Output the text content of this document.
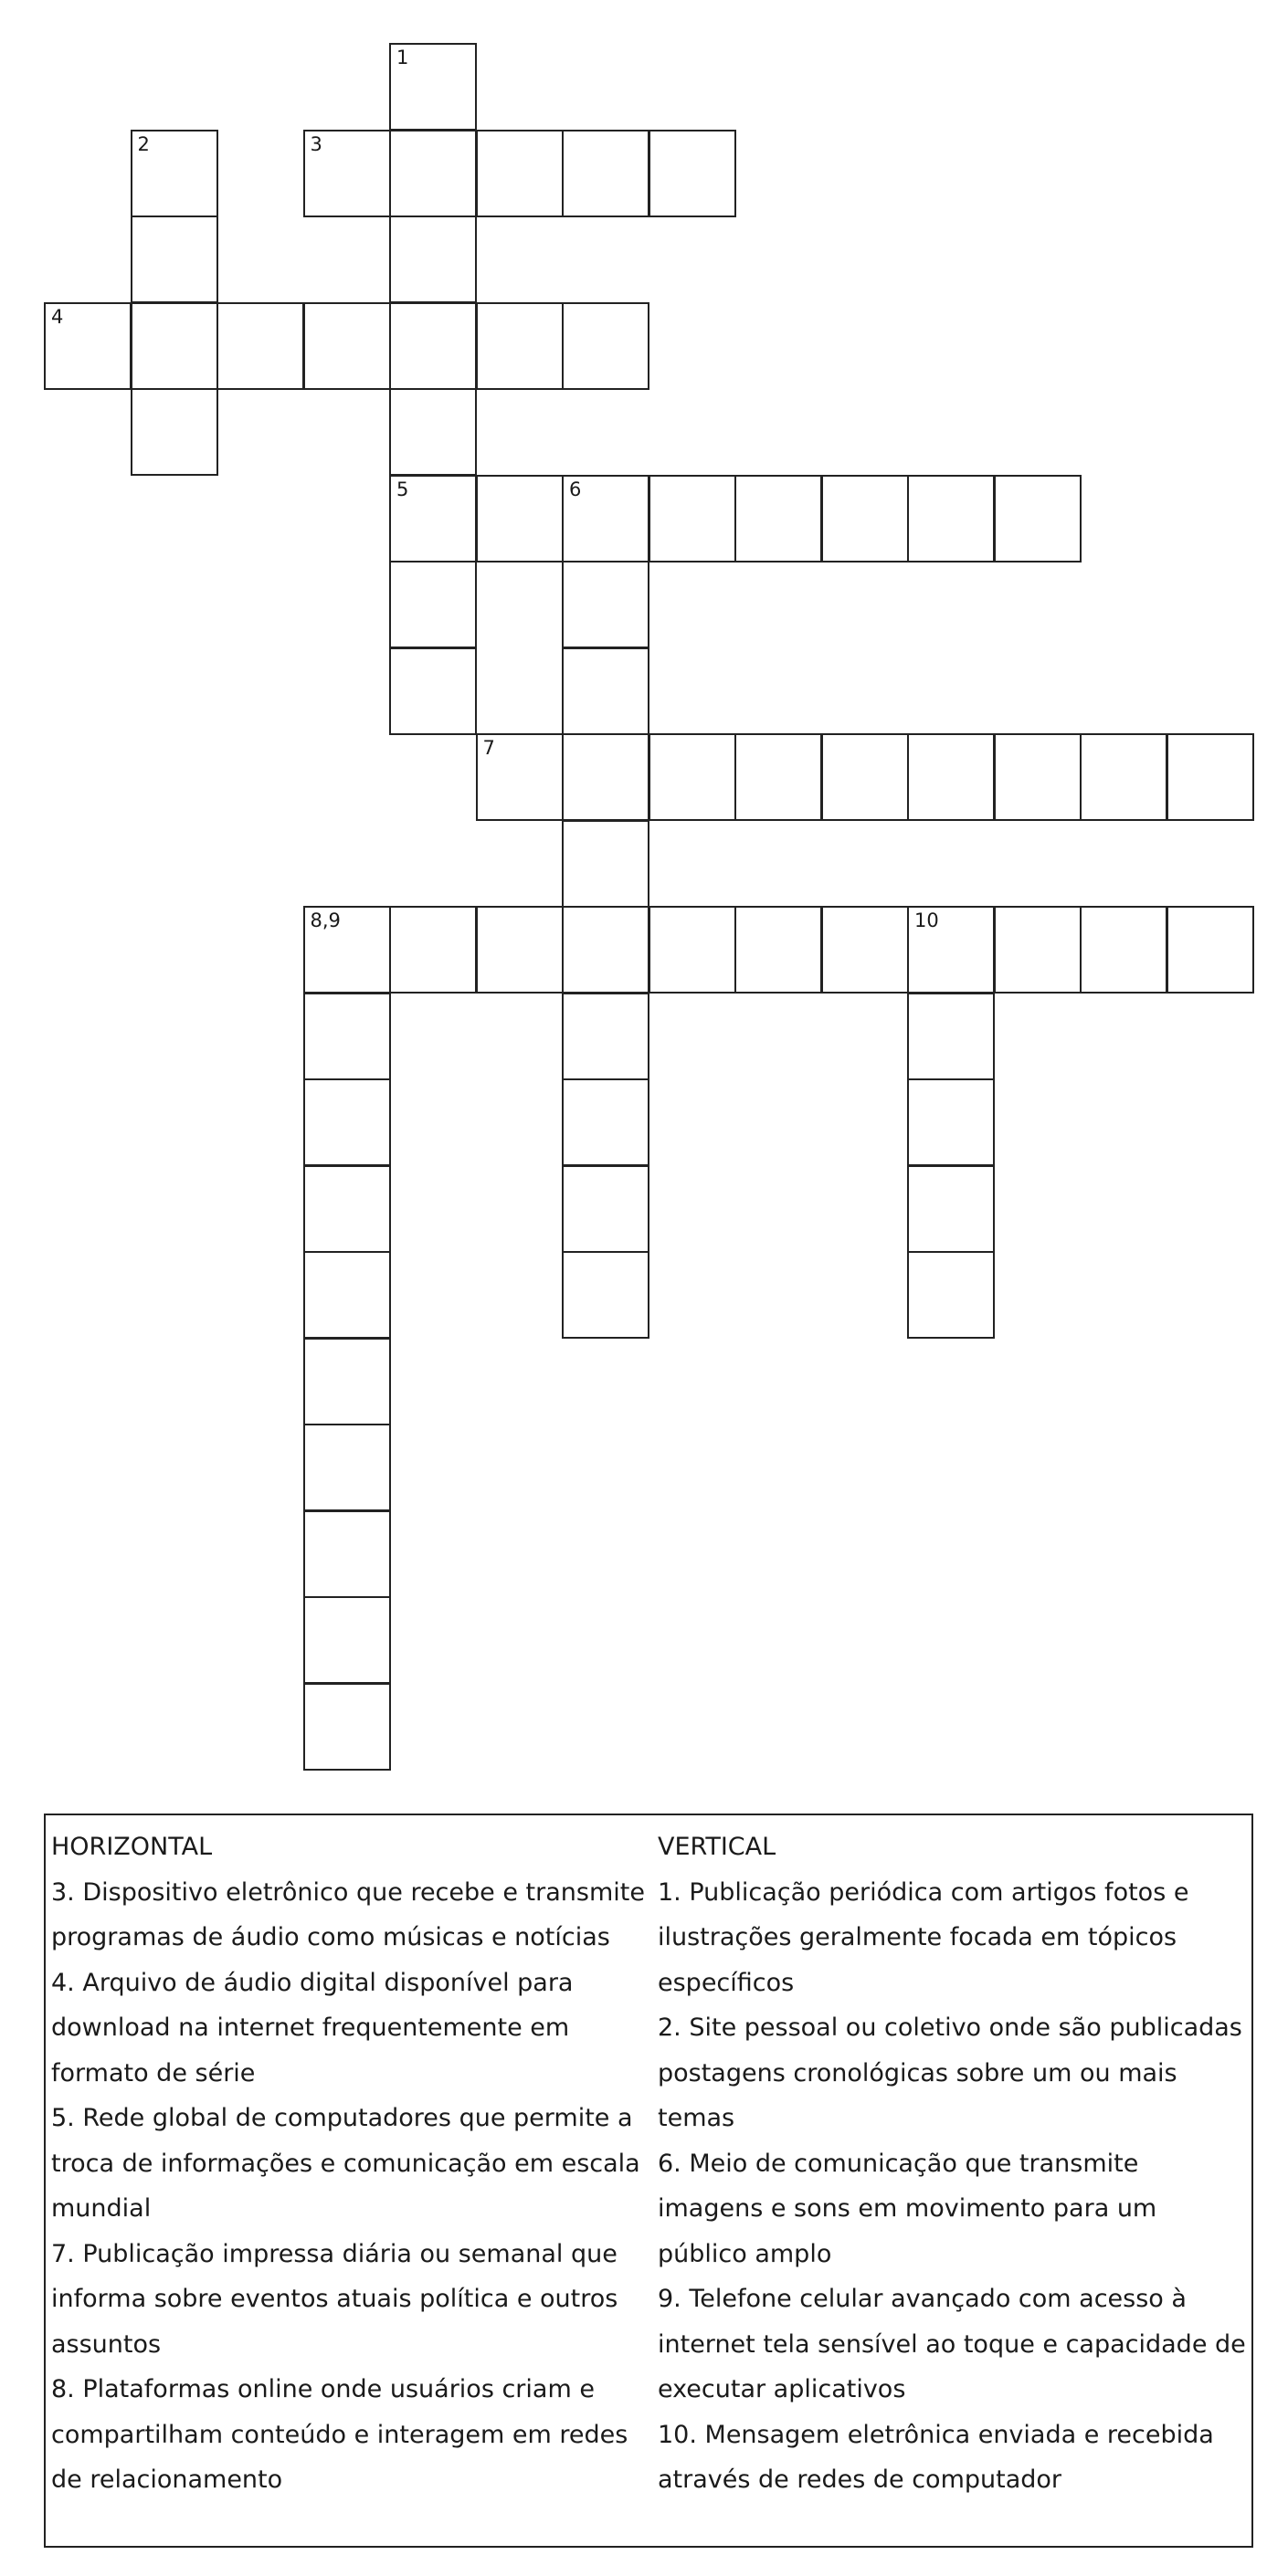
1
2	3
4
5	6
7
8,9	10
HORIZONTAL
3. Dispositivo eletrônico que recebe e transmite programas de áudio como músicas e notícias
4. Arquivo de áudio digital disponível para download na internet frequentemente em formato de série
5. Rede global de computadores que permite a troca de informações e comunicação em escala mundial
7. Publicação impressa diária ou semanal que informa sobre eventos atuais política e outros assuntos
8. Plataformas online onde usuários criam e compartilham conteúdo e interagem em redes de relacionamento
VERTICAL
1. Publicação periódica com artigos fotos e ilustrações geralmente focada em tópicos específicos
2. Site pessoal ou coletivo onde são publicadas postagens cronológicas sobre um ou mais temas
6. Meio de comunicação que transmite imagens e sons em movimento para um público amplo
9. Telefone celular avançado com acesso à internet tela sensível ao toque e capacidade de executar aplicativos
10. Mensagem eletrônica enviada e recebida através de redes de computador
